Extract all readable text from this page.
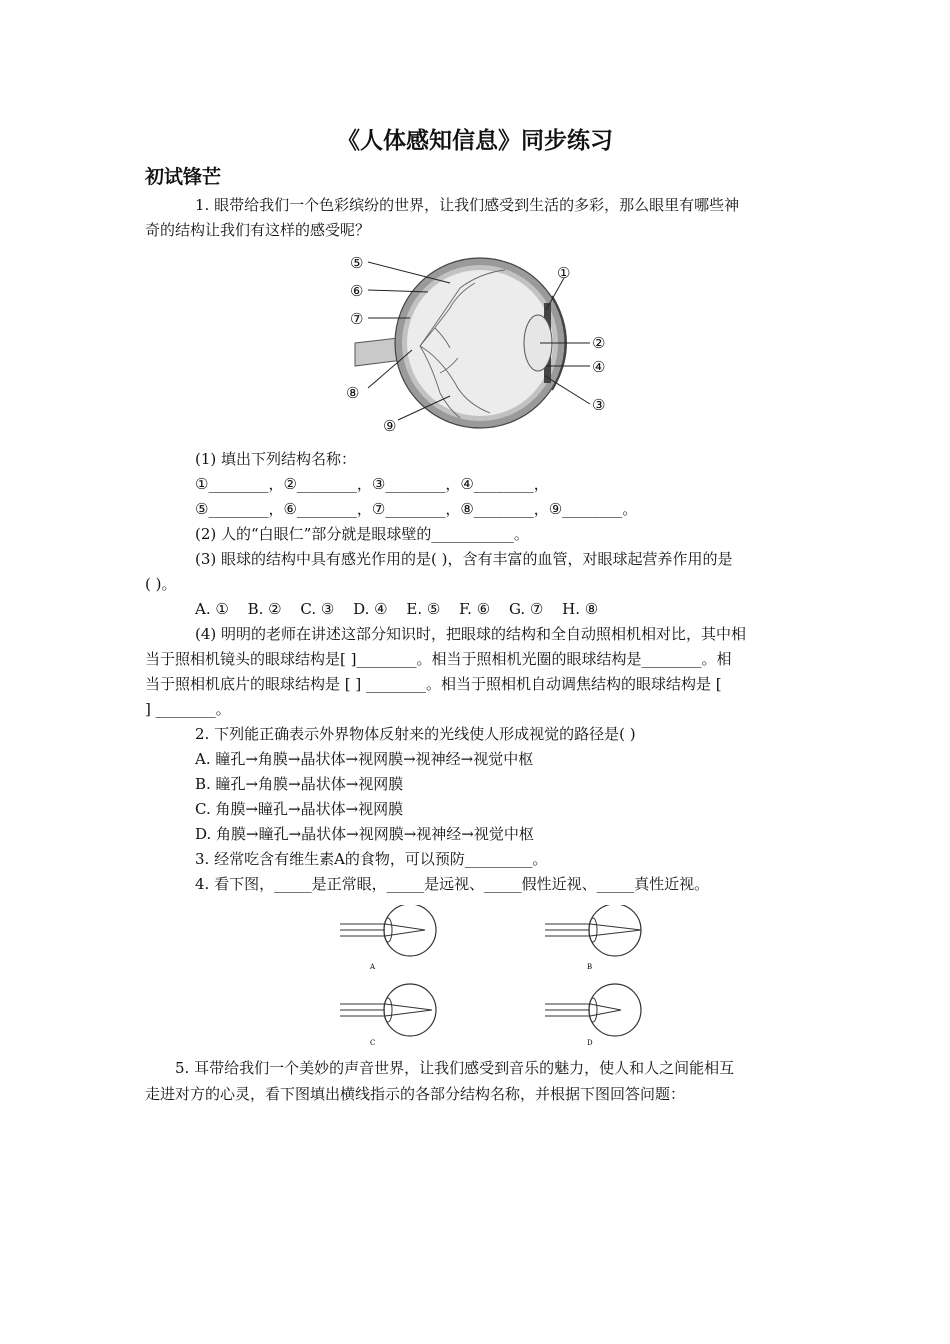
《人体感知信息》同步练习
初试锋芒
1. 眼带给我们一个色彩缤纷的世界，让我们感受到生活的多彩，那么眼里有哪些神
奇的结构让我们有这样的感受呢？
⑤
⑥
⑦
⑧
⑨
①
②
④
③
(1) 填出下列结构名称：
①________，②________，③________，④________，
⑤________，⑥________，⑦________，⑧________，⑨________。
(2) 人的“白眼仁”部分就是眼球壁的___________。
(3) 眼球的结构中具有感光作用的是( )，含有丰富的血管，对眼球起营养作用的是
( )。
A. ① B. ② C. ③ D. ④ E. ⑤ F. ⑥ G. ⑦ H. ⑧
(4) 明明的老师在讲述这部分知识时，把眼球的结构和全自动照相机相对比，其中相
当于照相机镜头的眼球结构是[ ]________。相当于照相机光圈的眼球结构是________。相
当于照相机底片的眼球结构是 [ ] ________。相当于照相机自动调焦结构的眼球结构是 [
] ________。
2. 下列能正确表示外界物体反射来的光线使人形成视觉的路径是( )
A. 瞳孔→角膜→晶状体→视网膜→视神经→视觉中枢
B. 瞳孔→角膜→晶状体→视网膜
C. 角膜→瞳孔→晶状体→视网膜
D. 角膜→瞳孔→晶状体→视网膜→视神经→视觉中枢
3. 经常吃含有维生素A的食物，可以预防_________。
4. 看下图，_____是正常眼，_____是远视、_____假性近视、_____真性近视。
A	B
C	D
5. 耳带给我们一个美妙的声音世界，让我们感受到音乐的魅力，使人和人之间能相互
走进对方的心灵，看下图填出横线指示的各部分结构名称，并根据下图回答问题：
